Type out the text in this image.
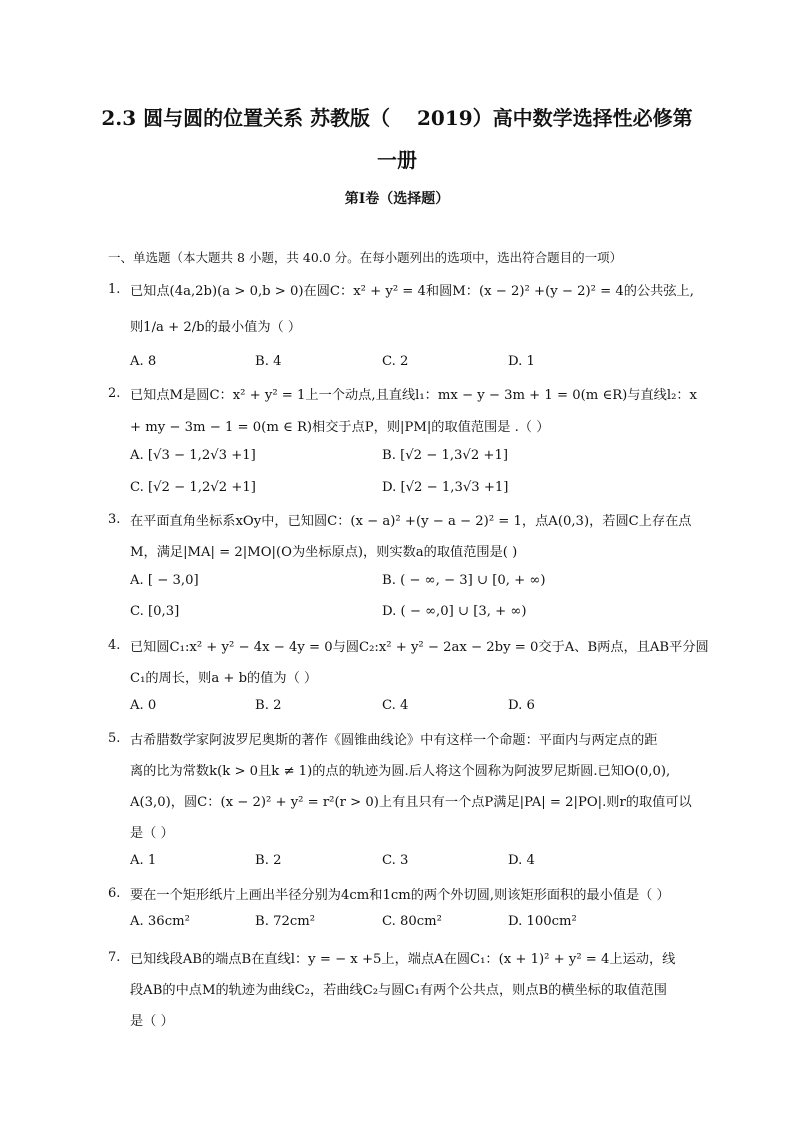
2.3 圆与圆的位置关系 苏教版（　 2019）高中数学选择性必修第
一册
第Ⅰ卷（选择题）
一、单选题（本大题共 8 小题，共 40.0 分。在每小题列出的选项中，选出符合题目的一项）
1. 已知点(4a,2b)(a > 0,b > 0)在圆C：x² + y² = 4和圆M：(x − 2)² +(y − 2)² = 4的公共弦上,
则1/a + 2/b的最小值为（ ）
A. 8	B. 4	C. 2	D. 1
2. 已知点M是圆C：x² + y² = 1上一个动点,且直线l₁：mx − y − 3m + 1 = 0(m ∈R)与直线l₂：x
+ my − 3m − 1 = 0(m ∈ R)相交于点P，则|PM|的取值范围是 .（ ）
A. [√3 − 1,2√3 +1]	B. [√2 − 1,3√2 +1]
C. [√2 − 1,2√2 +1]	D. [√2 − 1,3√3 +1]
3. 在平面直角坐标系xOy中，已知圆C：(x − a)² +(y − a − 2)² = 1，点A(0,3)，若圆C上存在点
M，满足|MA| = 2|MO|(O为坐标原点)，则实数a的取值范围是( )
A. [ − 3,0]	B. ( − ∞, − 3] ∪ [0, + ∞)
C. [0,3]	D. ( − ∞,0] ∪ [3, + ∞)
4. 已知圆C₁:x² + y² − 4x − 4y = 0与圆C₂:x² + y² − 2ax − 2by = 0交于A、B两点，且AB平分圆
C₁的周长，则a + b的值为（ ）
A. 0	B. 2	C. 4	D. 6
5. 古希腊数学家阿波罗尼奥斯的著作《圆锥曲线论》中有这样一个命题：平面内与两定点的距
离的比为常数k(k > 0且k ≠ 1)的点的轨迹为圆.后人将这个圆称为阿波罗尼斯圆.已知O(0,0),
A(3,0)，圆C：(x − 2)² + y² = r²(r > 0)上有且只有一个点P满足|PA| = 2|PO|.则r的取值可以
是（ ）
A. 1	B. 2	C. 3	D. 4
6. 要在一个矩形纸片上画出半径分别为4cm和1cm的两个外切圆,则该矩形面积的最小值是（ ）
A. 36cm²	B. 72cm²	C. 80cm²	D. 100cm²
7. 已知线段AB的端点B在直线l：y = − x +5上，端点A在圆C₁：(x + 1)² + y² = 4上运动，线
段AB的中点M的轨迹为曲线C₂，若曲线C₂与圆C₁有两个公共点，则点B的横坐标的取值范围
是（ ）
